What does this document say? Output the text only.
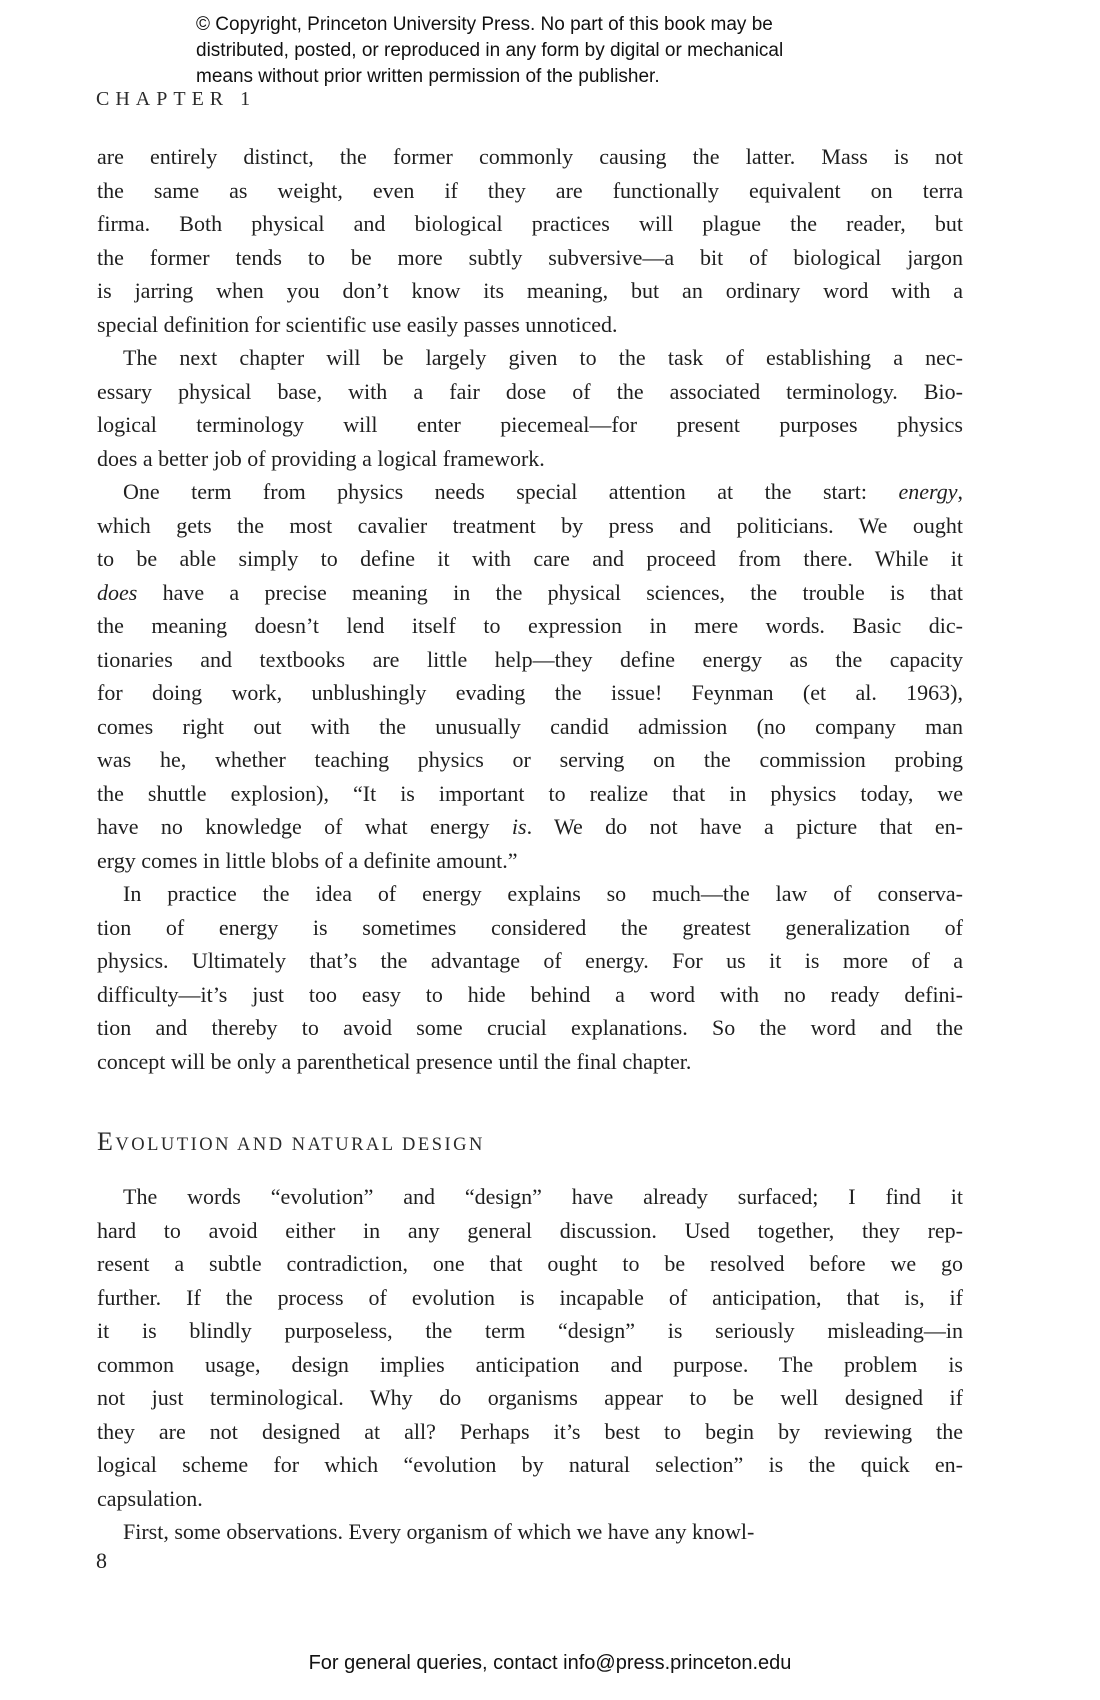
© Copyright, Princeton University Press. No part of this book may be
distributed, posted, or reproduced in any form by digital or mechanical
means without prior written permission of the publisher.
CHAPTER 1
are entirely distinct, the former commonly causing the latter. Mass is not
the same as weight, even if they are functionally equivalent on terra
firma. Both physical and biological practices will plague the reader, but
the former tends to be more subtly subversive—a bit of biological jargon
is jarring when you don’t know its meaning, but an ordinary word with a
special definition for scientific use easily passes unnoticed.
The next chapter will be largely given to the task of establishing a nec-
essary physical base, with a fair dose of the associated terminology. Bio-
logical terminology will enter piecemeal—for present purposes physics
does a better job of providing a logical framework.
One term from physics needs special attention at the start: energy,
which gets the most cavalier treatment by press and politicians. We ought
to be able simply to define it with care and proceed from there. While it
does have a precise meaning in the physical sciences, the trouble is that
the meaning doesn’t lend itself to expression in mere words. Basic dic-
tionaries and textbooks are little help—they define energy as the capacity
for doing work, unblushingly evading the issue! Feynman (et al. 1963),
comes right out with the unusually candid admission (no company man
was he, whether teaching physics or serving on the commission probing
the shuttle explosion), “It is important to realize that in physics today, we
have no knowledge of what energy is. We do not have a picture that en-
ergy comes in little blobs of a definite amount.”
In practice the idea of energy explains so much—the law of conserva-
tion of energy is sometimes considered the greatest generalization of
physics. Ultimately that’s the advantage of energy. For us it is more of a
difficulty—it’s just too easy to hide behind a word with no ready defini-
tion and thereby to avoid some crucial explanations. So the word and the
concept will be only a parenthetical presence until the final chapter.
EVOLUTION AND NATURAL DESIGN
The words “evolution” and “design” have already surfaced; I find it
hard to avoid either in any general discussion. Used together, they rep-
resent a subtle contradiction, one that ought to be resolved before we go
further. If the process of evolution is incapable of anticipation, that is, if
it is blindly purposeless, the term “design” is seriously misleading—in
common usage, design implies anticipation and purpose. The problem is
not just terminological. Why do organisms appear to be well designed if
they are not designed at all? Perhaps it’s best to begin by reviewing the
logical scheme for which “evolution by natural selection” is the quick en-
capsulation.
First, some observations. Every organism of which we have any knowl-
8
For general queries, contact info@press.princeton.edu
